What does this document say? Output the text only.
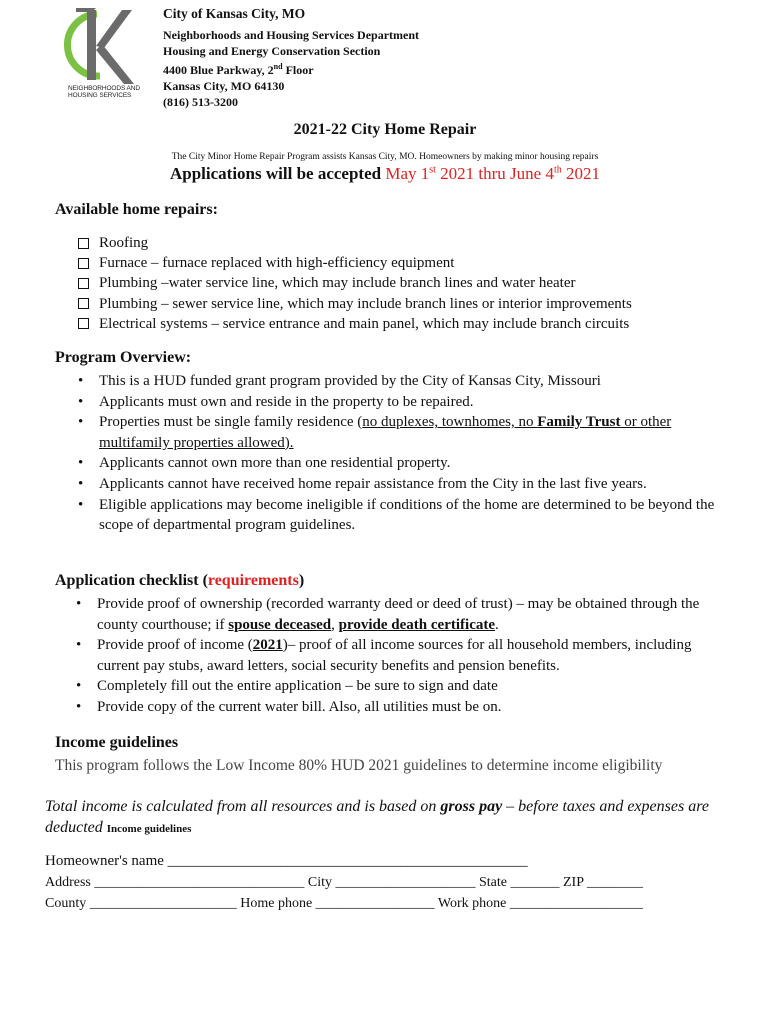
NEIGHBORHOODS AND
HOUSING SERVICES
City of Kansas City, MO
Neighborhoods and Housing Services Department
Housing and Energy Conservation Section
4400 Blue Parkway, 2nd Floor
Kansas City, MO 64130
(816) 513-3200
2021-22 City Home Repair
The City Minor Home Repair Program assists Kansas City, MO. Homeowners by making minor housing repairs
Applications will be accepted May 1st 2021 thru June 4th 2021
Available home repairs:
Roofing
Furnace – furnace replaced with high-efficiency equipment
Plumbing –water service line, which may include branch lines and water heater
Plumbing – sewer service line, which may include branch lines or interior improvements
Electrical systems – service entrance and main panel, which may include branch circuits
Program Overview:
• This is a HUD funded grant program provided by the City of Kansas City, Missouri
• Applicants must own and reside in the property to be repaired.
• Properties must be single family residence (no duplexes, townhomes, no Family Trust or other multifamily properties allowed).
• Applicants cannot own more than one residential property.
• Applicants cannot have received home repair assistance from the City in the last five years.
• Eligible applications may become ineligible if conditions of the home are determined to be beyond the scope of departmental program guidelines.
Application checklist (requirements)
• Provide proof of ownership (recorded warranty deed or deed of trust) – may be obtained through the county courthouse; if spouse deceased, provide death certificate.
• Provide proof of income (2021)– proof of all income sources for all household members, including current pay stubs, award letters, social security benefits and pension benefits.
• Completely fill out the entire application – be sure to sign and date
• Provide copy of the current water bill. Also, all utilities must be on.
Income guidelines
This program follows the Low Income 80% HUD 2021 guidelines to determine income eligibility
Total income is calculated from all resources and is based on gross pay – before taxes and expenses are deducted Income guidelines
Homeowner's name ________________________________________________
Address ______________________________ City ____________________ State _______ ZIP ________
County _____________________ Home phone _________________ Work phone ___________________
